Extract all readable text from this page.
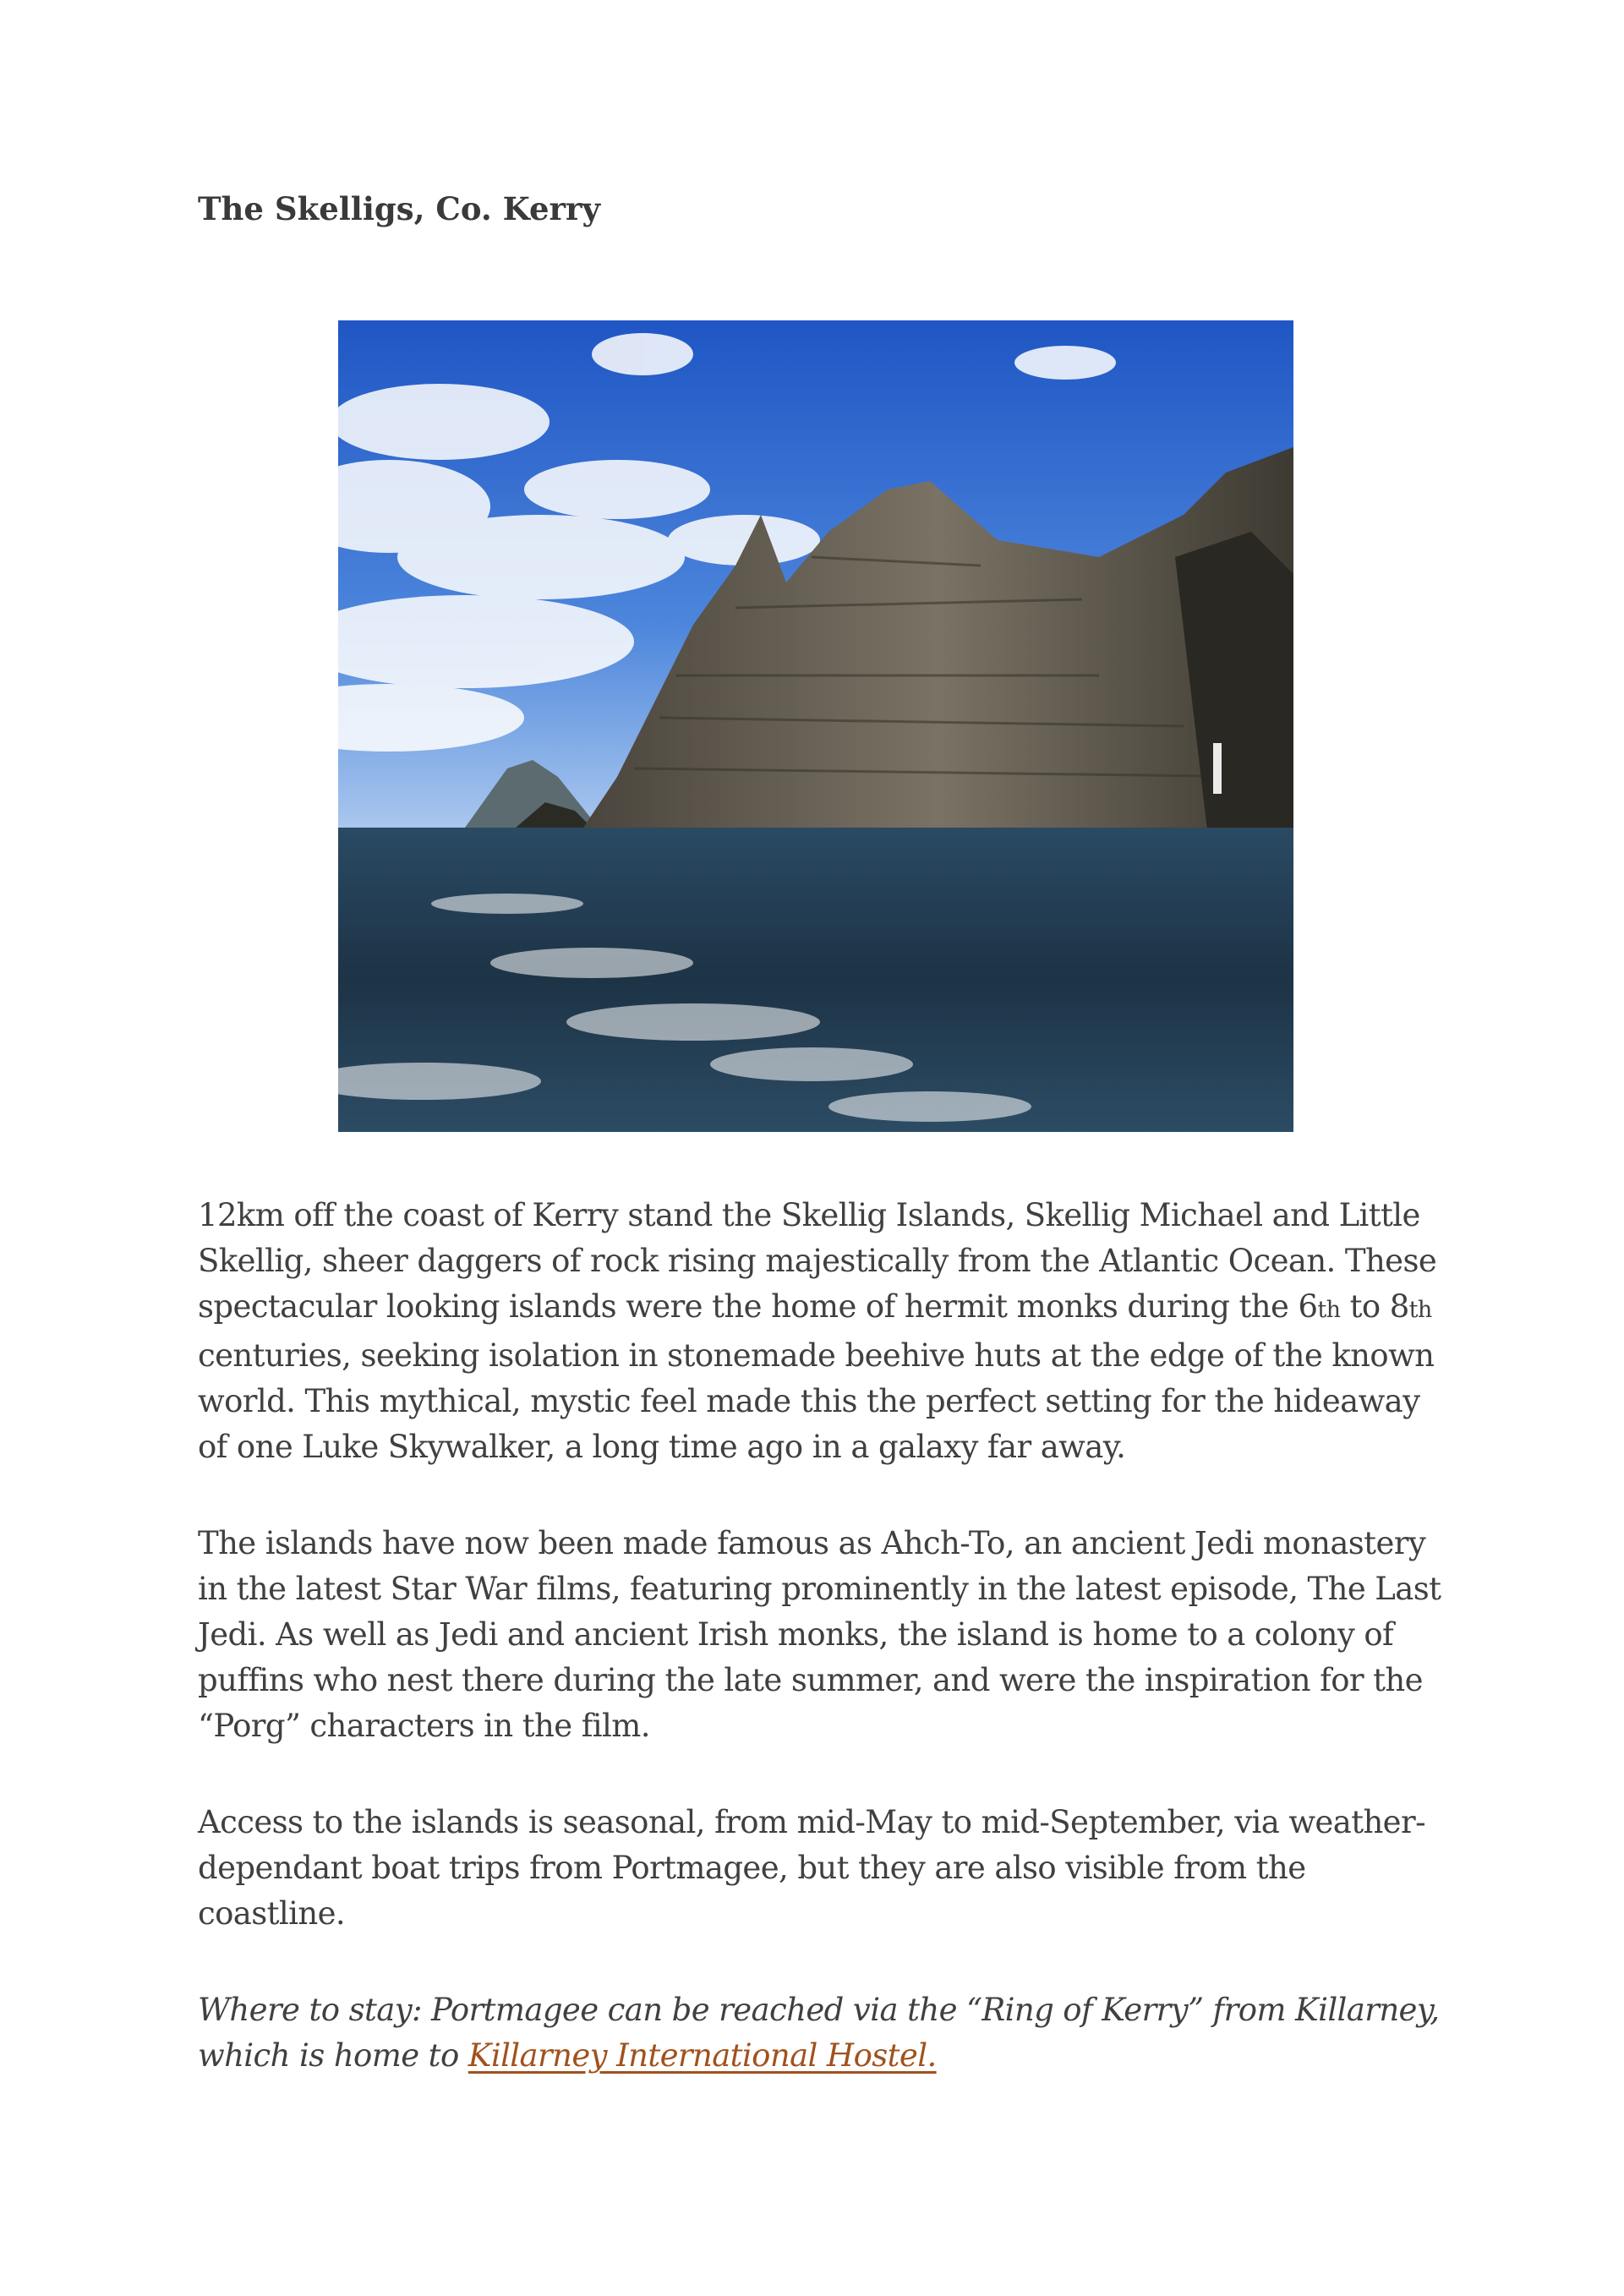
The Skelligs, Co. Kerry

12km off the coast of Kerry stand the Skellig Islands, Skellig Michael and Little Skellig, sheer daggers of rock rising majestically from the Atlantic Ocean. These spectacular looking islands were the home of hermit monks during the 6th to 8th centuries, seeking isolation in stonemade beehive huts at the edge of the known world. This mythical, mystic feel made this the perfect setting for the hideaway of one Luke Skywalker, a long time ago in a galaxy far away.

The islands have now been made famous as Ahch-To, an ancient Jedi monastery in the latest Star War films, featuring prominently in the latest episode, The Last Jedi. As well as Jedi and ancient Irish monks, the island is home to a colony of puffins who nest there during the late summer, and were the inspiration for the “Porg” characters in the film.

Access to the islands is seasonal, from mid-May to mid-September, via weather-dependant boat trips from Portmagee, but they are also visible from the coastline.

Where to stay: Portmagee can be reached via the “Ring of Kerry” from Killarney, which is home to Killarney International Hostel.
